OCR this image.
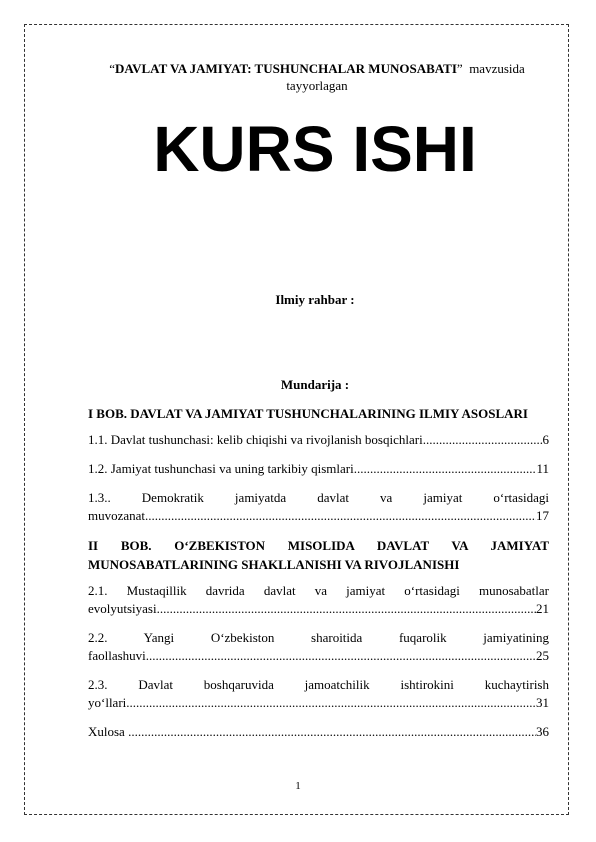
“DAVLAT VA JAMIYAT: TUSHUNCHALAR MUNOSABATI” mavzusida tayyorlagan
KURS ISHI
Ilmiy rahbar :
Mundarija :
I BOB. DAVLAT VA JAMIYAT TUSHUNCHALARINING ILMIY ASOSLARI
1.1. Davlat tushunchasi: kelib chiqishi va rivojlanish bosqichlari .....	6
1.2. Jamiyat tushunchasi va uning tarkibiy qismlari .....	11
1.3.. Demokratik jamiyatda davlat va jamiyat o‘rtasidagi
muvozanat .....	17
II BOB. O‘ZBEKISTON MISOLIDA DAVLAT VA JAMIYAT MUNOSABATLARINING SHAKLLANISHI VA RIVOJLANISHI
2.1. Mustaqillik davrida davlat va jamiyat o‘rtasidagi munosabatlar
evolyutsiyasi .....	21
2.2. Yangi O‘zbekiston sharoitida fuqarolik jamiyatining
faollashuvi .....	25
2.3. Davlat boshqaruvida jamoatchilik ishtirokini kuchaytirish
yo‘llari .....	31
Xulosa .....	36
1
